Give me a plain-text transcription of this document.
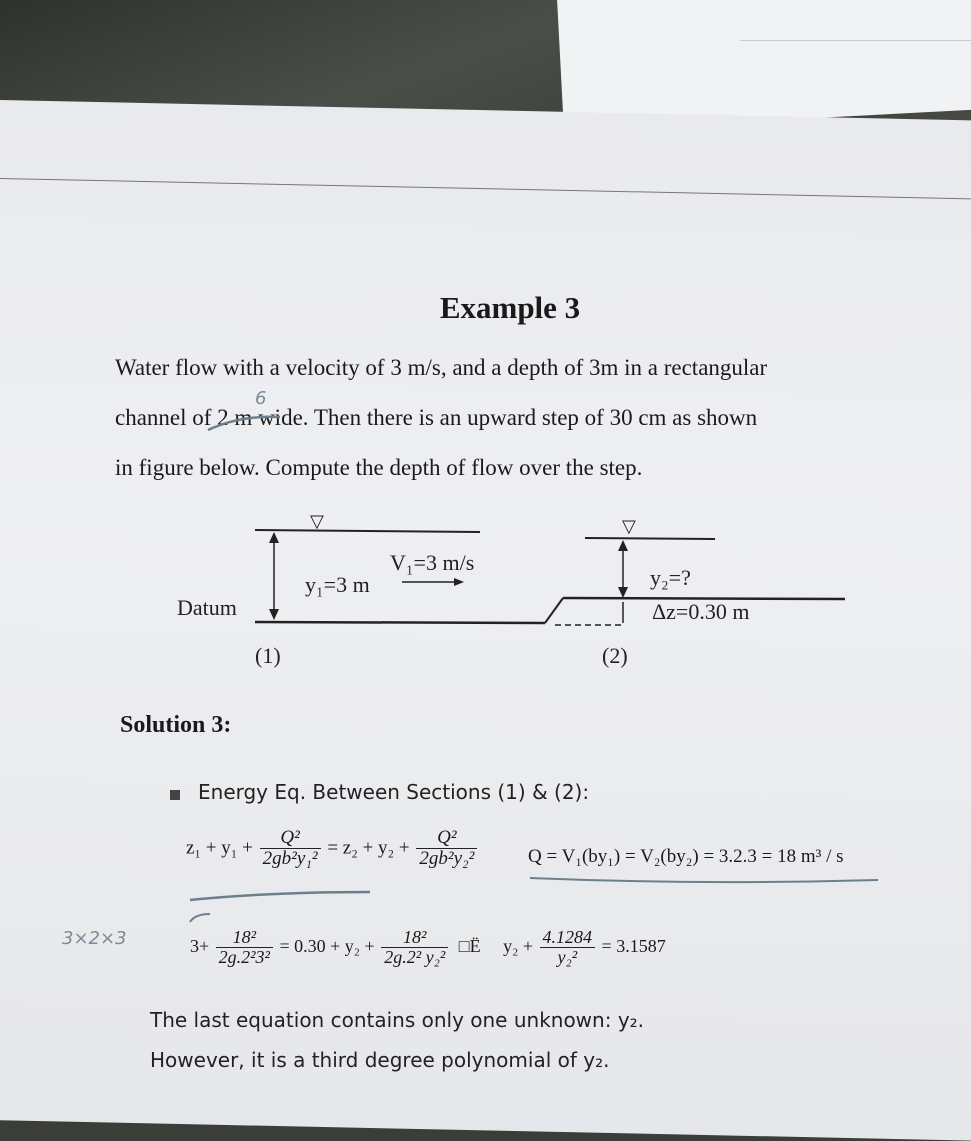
Example 3
Water flow with a velocity of 3 m/s, and a depth of 3m in a rectangular
channel of 2 m wide. Then there is an upward step of 30 cm as shown
in figure below. Compute the depth of flow over the step.
6
▽
y₁=3 m
V₁=3 m/s
Datum
(1)
▽
y₂=?
Δz=0.30 m
(2)
Solution 3:
Energy Eq. Between Sections (1) & (2):
$z_1 + y_1 + \frac{\text{Q²}}{\text{2gb²y₁²}} = z_2 + y_2 + \frac{\text{Q²}}{\text{2gb²y₂²}}$	Q = V₁(by₁) = V₂(by₂) = 3.2.3 = 18 m³ / s
3×2×3	$3+ \frac{\text{18²}}{\text{2g.2²3²}} = 0.30 + y_2 + \frac{\text{18²}}{\text{2g.2² y₂²}}$ □Ë $y_2 + \frac{4.1284}{\text{y₂²}} = 3.1587$
The last equation contains only one unknown: y₂.
However, it is a third degree polynomial of y₂.
